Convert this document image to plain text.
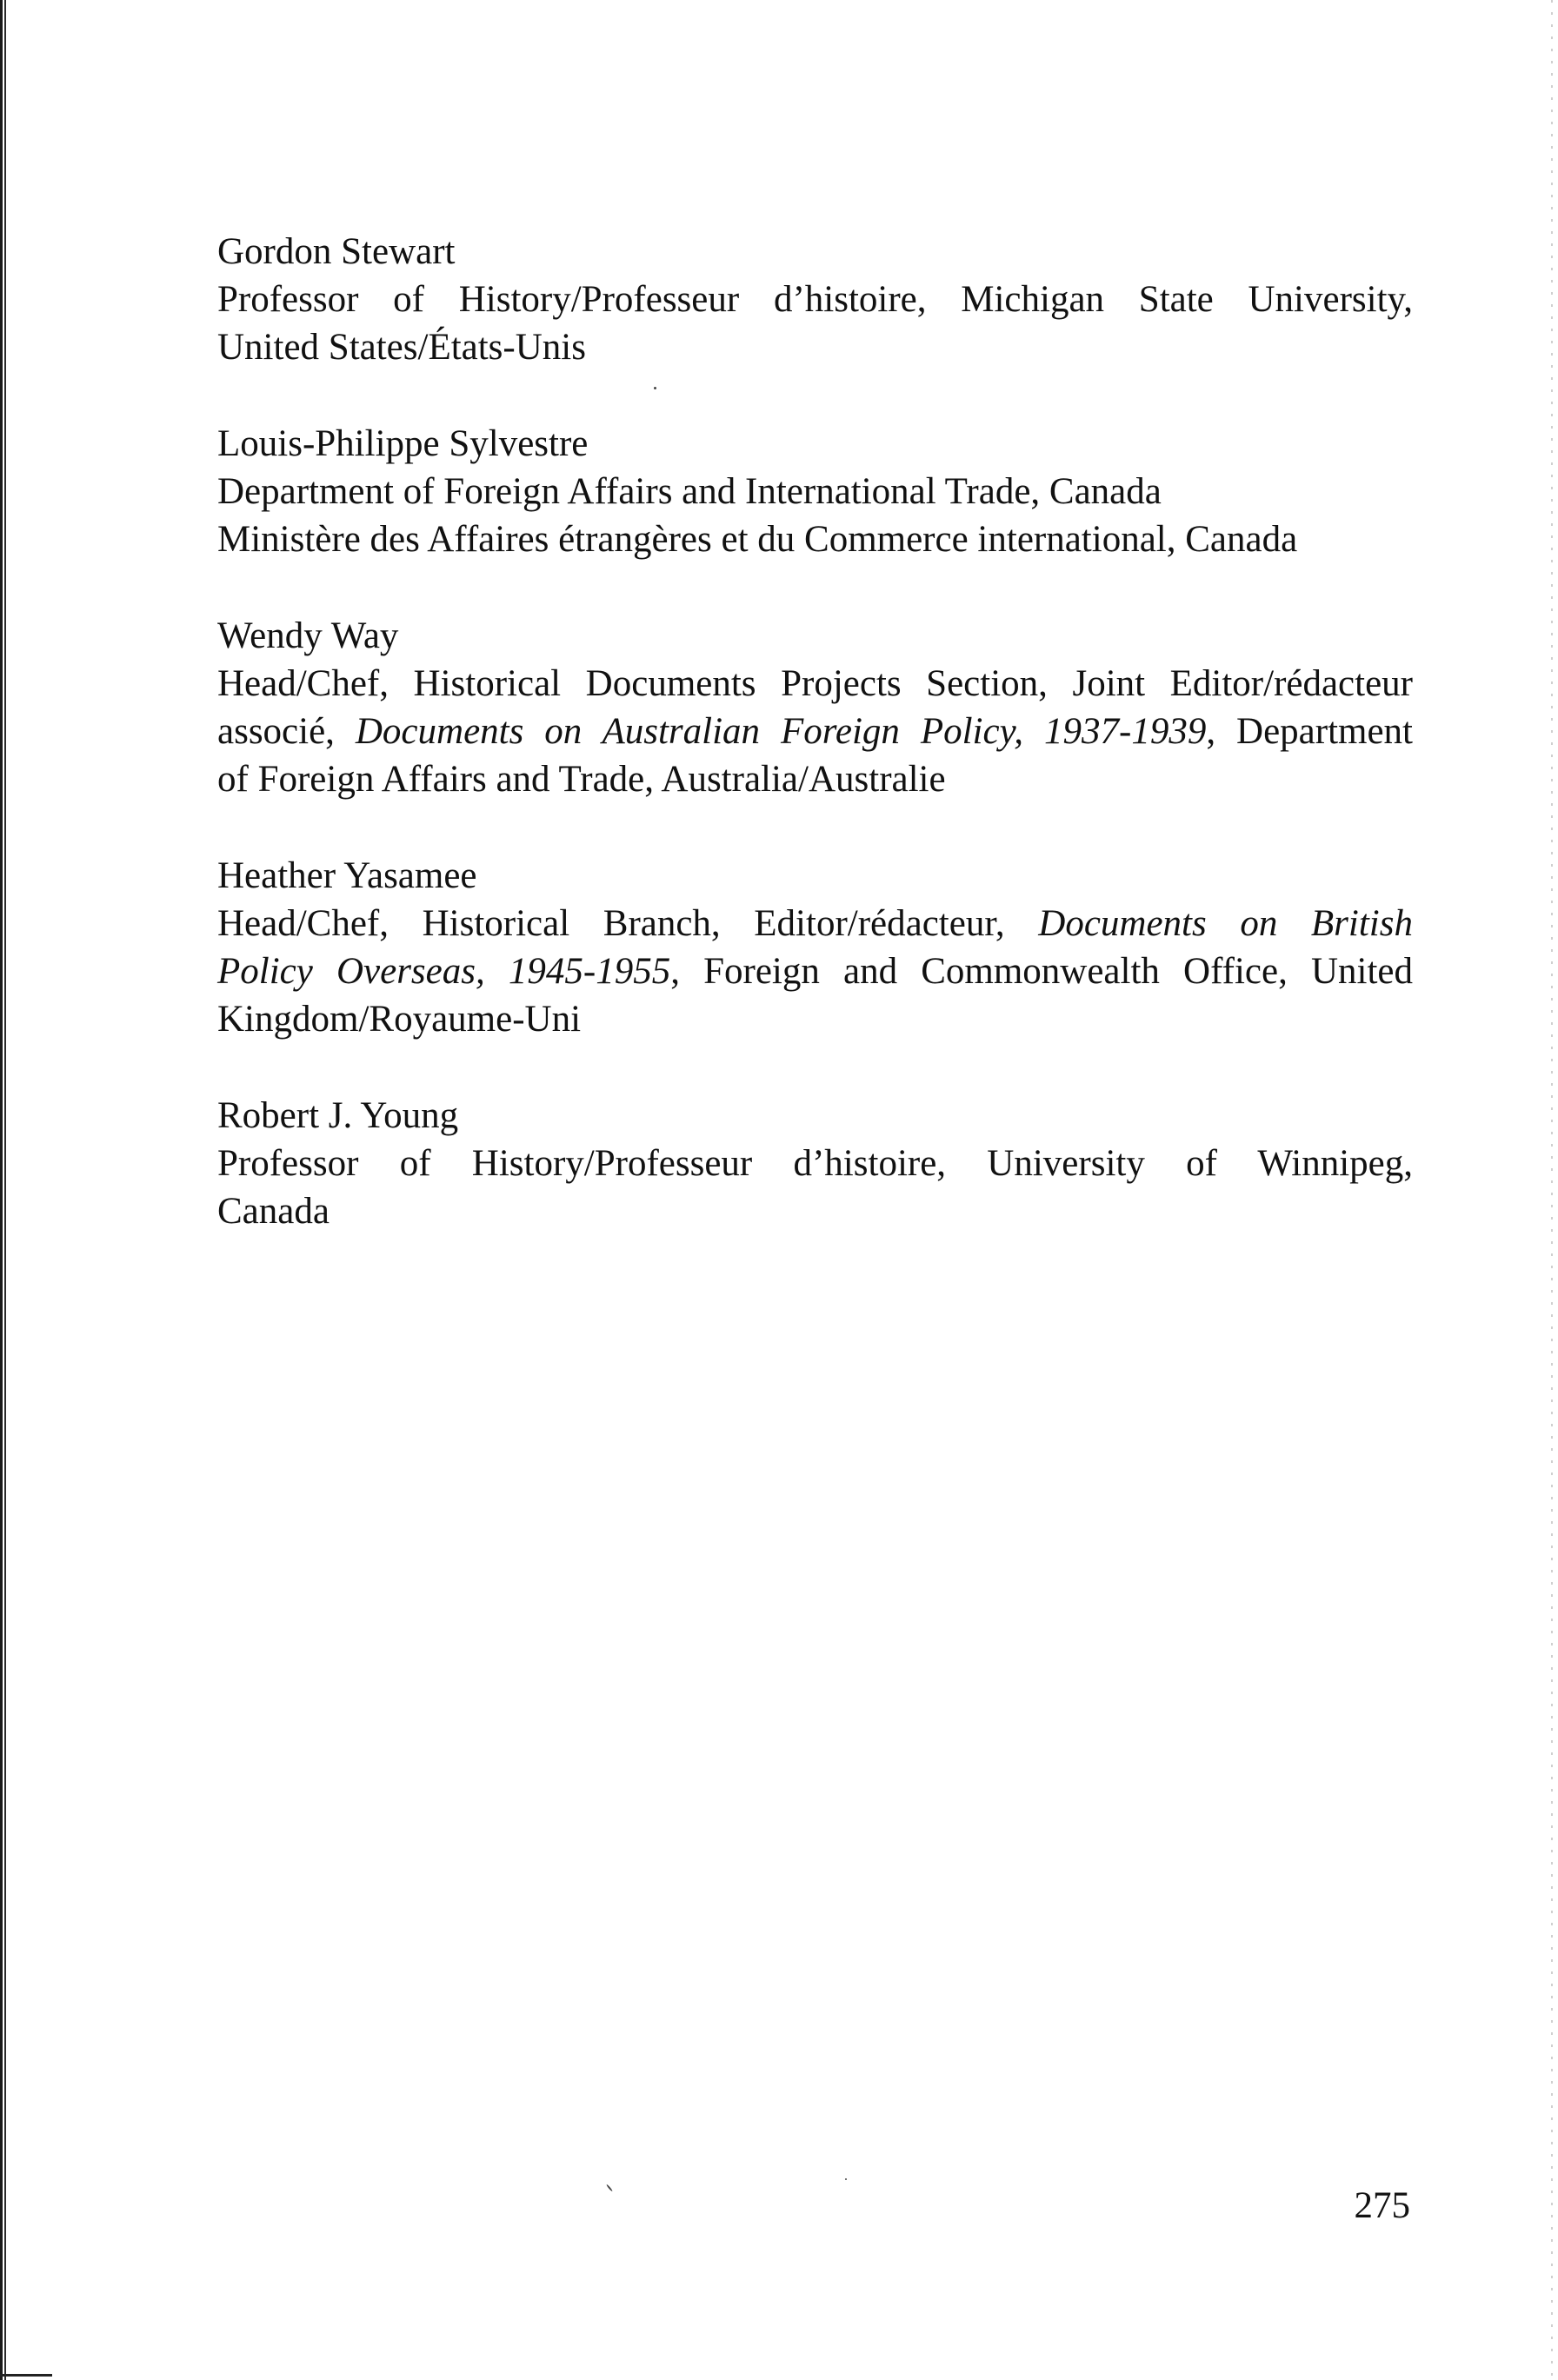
Gordon Stewart
Professor of History/Professeur d’histoire, Michigan State University,
United States/États-Unis
Louis-Philippe Sylvestre
Department of Foreign Affairs and International Trade, Canada
Ministère des Affaires étrangères et du Commerce international, Canada
Wendy Way
Head/Chef, Historical Documents Projects Section, Joint Editor/rédacteur
associé, Documents on Australian Foreign Policy, 1937-1939, Department
of Foreign Affairs and Trade, Australia/Australie
Heather Yasamee
Head/Chef, Historical Branch, Editor/rédacteur, Documents on British
Policy Overseas, 1945-1955, Foreign and Commonwealth Office, United
Kingdom/Royaume-Uni
Robert J. Young
Professor of History/Professeur d’histoire, University of Winnipeg,
Canada
275
